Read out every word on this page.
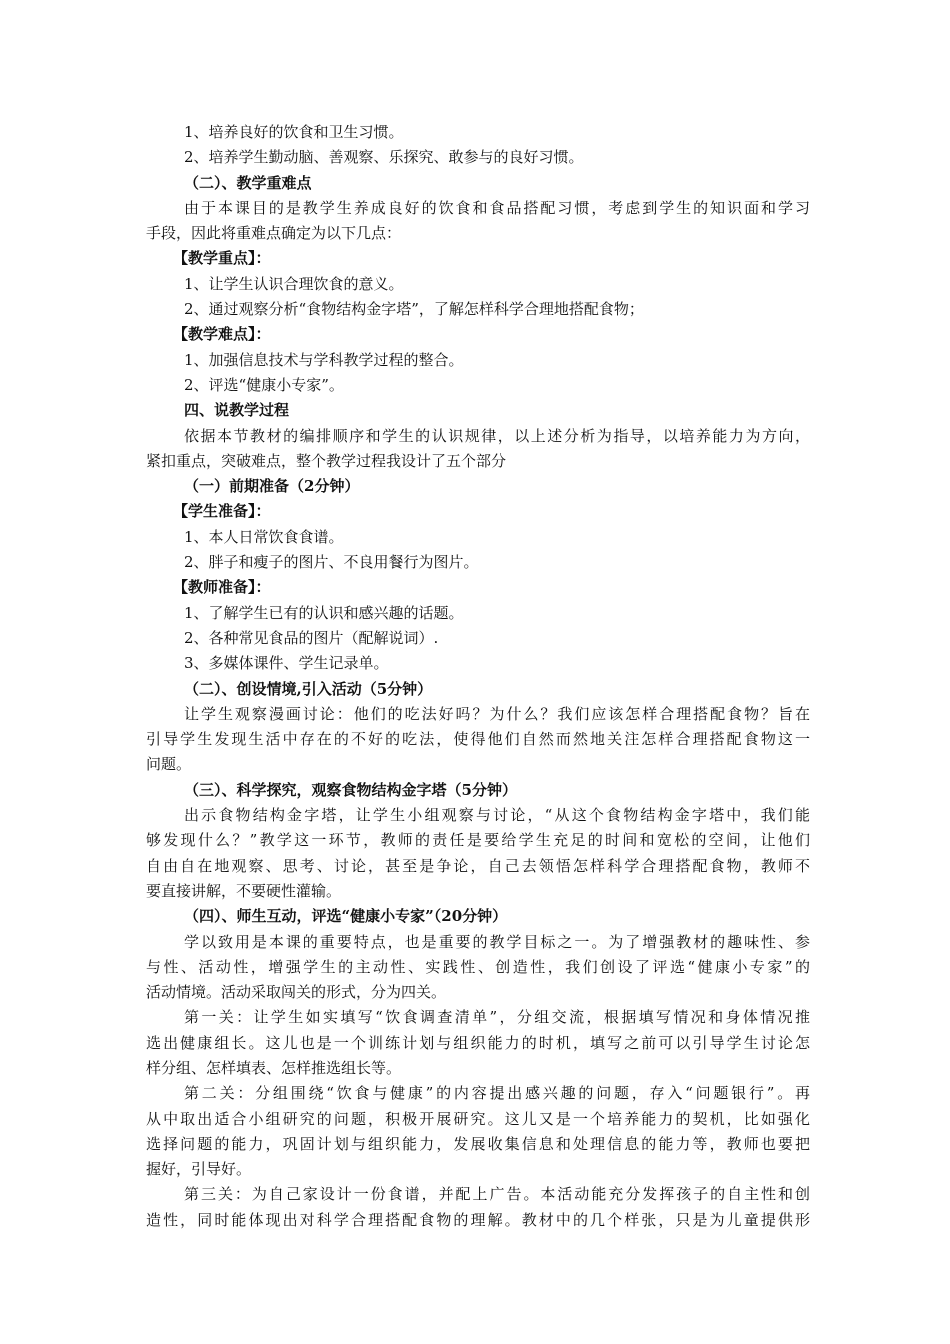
1、培养良好的饮食和卫生习惯。
2、培养学生勤动脑、善观察、乐探究、敢参与的良好习惯。
（二）、教学重难点
由于本课目的是教学生养成良好的饮食和食品搭配习惯，考虑到学生的知识面和学习
手段，因此将重难点确定为以下几点：
【教学重点】：
1、让学生认识合理饮食的意义。
2、通过观察分析“食物结构金字塔”，了解怎样科学合理地搭配食物；
【教学难点】：
1、加强信息技术与学科教学过程的整合。
2、评选“健康小专家”。
四、说教学过程
依据本节教材的编排顺序和学生的认识规律，以上述分析为指导，以培养能力为方向，
紧扣重点，突破难点，整个教学过程我设计了五个部分
（一）前期准备（2分钟）
【学生准备】：
1、本人日常饮食食谱。
2、胖子和瘦子的图片、不良用餐行为图片。
【教师准备】：
1、了解学生已有的认识和感兴趣的话题。
2、各种常见食品的图片（配解说词）.
3、多媒体课件、学生记录单。
（二）、创设情境,引入活动（5分钟）
让学生观察漫画讨论：他们的吃法好吗？为什么？我们应该怎样合理搭配食物？旨在
引导学生发现生活中存在的不好的吃法，使得他们自然而然地关注怎样合理搭配食物这一
问题。
（三）、科学探究，观察食物结构金字塔（5分钟）
出示食物结构金字塔，让学生小组观察与讨论，“从这个食物结构金字塔中，我们能
够发现什么？”教学这一环节，教师的责任是要给学生充足的时间和宽松的空间，让他们
自由自在地观察、思考、讨论，甚至是争论，自己去领悟怎样科学合理搭配食物，教师不
要直接讲解，不要硬性灌输。
（四）、师生互动，评选“健康小专家”（20分钟）
学以致用是本课的重要特点，也是重要的教学目标之一。为了增强教材的趣味性、参
与性、活动性，增强学生的主动性、实践性、创造性，我们创设了评选“健康小专家”的
活动情境。活动采取闯关的形式，分为四关。
第一关：让学生如实填写“饮食调查清单”，分组交流，根据填写情况和身体情况推
选出健康组长。这儿也是一个训练计划与组织能力的时机，填写之前可以引导学生讨论怎
样分组、怎样填表、怎样推选组长等。
第二关：分组围绕“饮食与健康”的内容提出感兴趣的问题，存入“问题银行”。再
从中取出适合小组研究的问题，积极开展研究。这儿又是一个培养能力的契机，比如强化
选择问题的能力，巩固计划与组织能力，发展收集信息和处理信息的能力等，教师也要把
握好，引导好。
第三关：为自己家设计一份食谱，并配上广告。本活动能充分发挥孩子的自主性和创
造性，同时能体现出对科学合理搭配食物的理解。教材中的几个样张，只是为儿童提供形
